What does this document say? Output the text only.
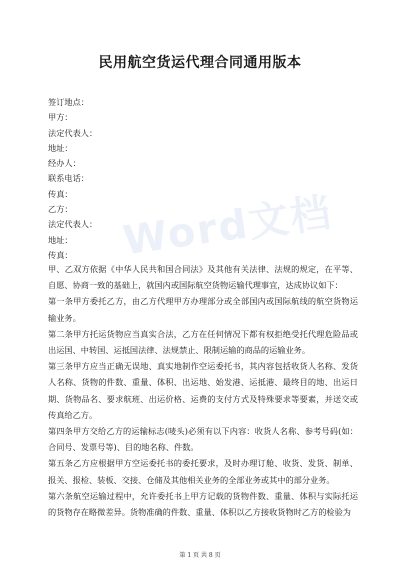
Word文档
民用航空货运代理合同通用版本
签订地点：
甲方：
法定代表人：
地址：
经办人：
联系电话：
传真：
乙方：
法定代表人：
地址：
传真：

甲、乙双方依据《中华人民共和国合同法》及其他有关法律、法规的规定，在平等、自愿、协商一致的基础上，就国内或国际航空货物运输代理事宜，达成协议如下：

第一条甲方委托乙方，由乙方代理甲方办理部分或全部国内或国际航线的航空货物运输业务。

第二条甲方托运货物应当真实合法，乙方在任何情况下都有权拒绝受托代理危险品或出运国、中转国、运抵国法律、法规禁止、限制运输的商品的运输业务。

第三条甲方应当正确无误地、真实地制作空运委托书，其内容包括收货人名称、发货人名称、货物的件数、重量、体积、出运地、始发港、运抵港、最终目的地、出运日期、货物品名、要求航班、出运价格、运费的支付方式及特殊要求等要素，并送交或传真给乙方。

第四条甲方交给乙方的运输标志(唛头)必须有以下内容：收货人名称、参考号码(如：合同号、发票号等)、目的地名称、件数。

第五条乙方应根据甲方空运委托书的委托要求，及时办理订舱、收货、发货、制单、报关、报检、装板、交接、仓储及其他相关业务的全部业务或其中的部分业务。

第六条航空运输过程中，允许委托书上甲方记载的货物件数、重量、体积与实际托运的货物存在略微差异。货物准确的件数、重量、体积以乙方接收货物时乙方的检验为

第 1 页 共 8 页
